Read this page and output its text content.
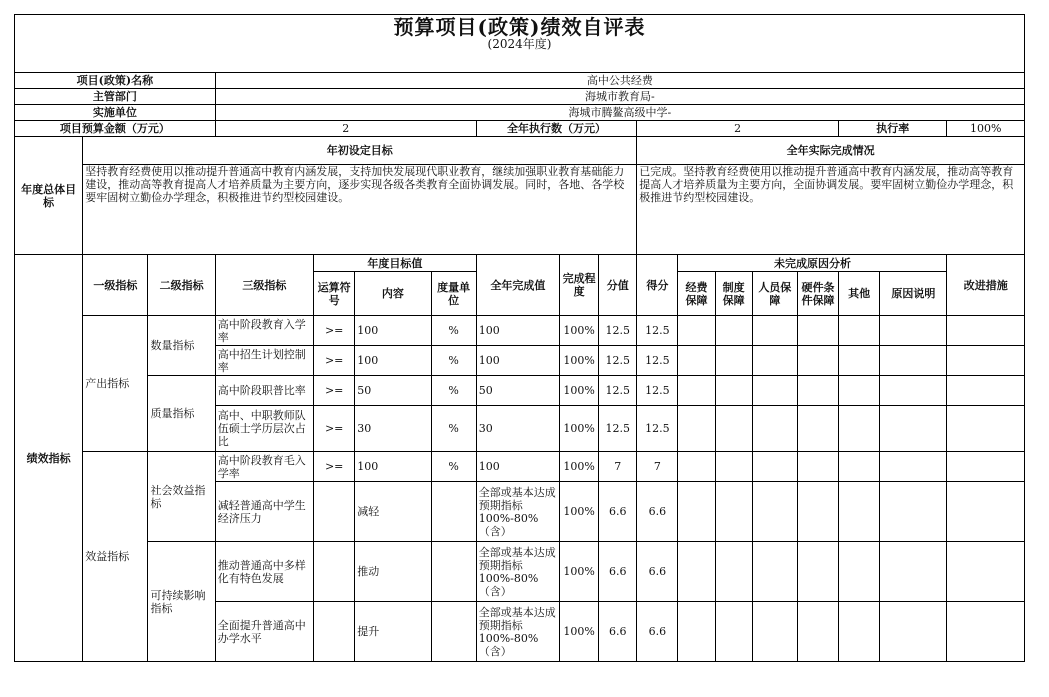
预算项目(政策)绩效自评表
(2024年度)																	

项目(政策)名称			高中公共经费														
主管部门			海城市教育局-														
实施单位			海城市腾鳌高级中学-														
项目预算金额（万元）			2				全年执行数（万元）			2					执行率		100%
年度总体目标	年初设定目标									全年实际完成情况							
	坚持教育经费使用以推动提升普通高中教育内涵发展，支持加快发展现代职业教育，继续加强职业教育基础能力建设，推动高等教育提高人才培养质量为主要方向，逐步实现各级各类教育全面协调发展。同时，各地、各学校要牢固树立勤俭办学理念，积极推进节约型校园建设。									已完成。坚持教育经费使用以推动提升普通高中教育内涵发展，推动高等教育提高人才培养质量为主要方向，全面协调发展。要牢固树立勤俭办学理念，积极推进节约型校园建设。							
绩效指标	一级指标	二级指标	三级指标	年度目标值			全年完成值	完成程度	分值	得分	未完成原因分析						改进措施
				运算符号	内容	度量单位					经费保障	制度保障	人员保障	硬件条件保障	其他	原因说明	
	产出指标	数量指标	高中阶段教育入学率	>=	100	%	100	100%	12.5	12.5							
			高中招生计划控制率	>=	100	%	100	100%	12.5	12.5							
		质量指标	高中阶段职普比率	>=	50	%	50	100%	12.5	12.5							
			高中、中职教师队伍硕士学历层次占比	>=	30	%	30	100%	12.5	12.5							
	效益指标	社会效益指标	高中阶段教育毛入学率	>=	100	%	100	100%	7	7							
			减轻普通高中学生经济压力		减轻		全部或基本达成预期指标100%-80%（含）	100%	6.6	6.6							
		可持续影响指标	推动普通高中多样化有特色发展		推动		全部或基本达成预期指标100%-80%（含）	100%	6.6	6.6							
			全面提升普通高中办学水平		提升		全部或基本达成预期指标100%-80%（含）	100%	6.6	6.6							
